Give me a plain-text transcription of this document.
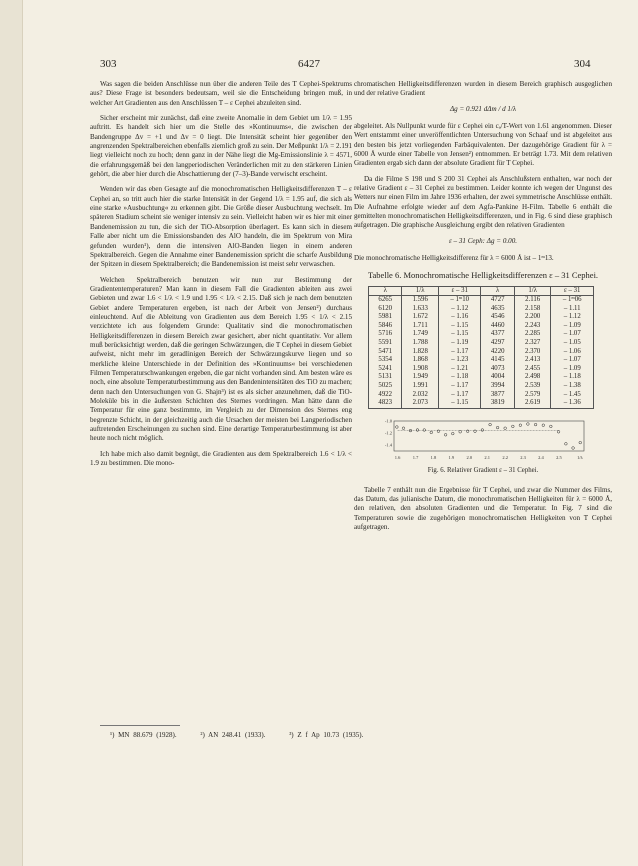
303	6427	304

Was sagen die beiden Anschlüsse nun über die anderen Teile des T Cephei-Spektrums aus? Diese Frage ist besonders bedeutsam, weil sie die Entscheidung bringen muß, in welcher Art Gradienten aus den Anschlüssen T – ε Cephei abzuleiten sind.

Sicher erscheint mir zunächst, daß eine zweite Anomalie in dem Gebiet um 1/λ = 1.95 auftritt. Es handelt sich hier um die Stelle des »Kontinuums«, die zwischen der Bandengruppe Δv = +1 und Δv = 0 liegt. Die Intensität scheint hier gegenüber den angrenzenden Spektralbereichen ebenfalls ziemlich groß zu sein. Der Meßpunkt 1/λ = 2.191 liegt vielleicht noch zu hoch; denn ganz in der Nähe liegt die Mg-Emissionslinie λ = 4571, die erfahrungsgemäß bei den langperiodischen Veränderlichen mit zu den stärkeren Linien gehört, die aber hier durch die Abschattierung der (7–3)-Bande verwischt erscheint.

Wenden wir das eben Gesagte auf die monochromatischen Helligkeitsdifferenzen T – ε Cephei an, so tritt auch hier die starke Intensität in der Gegend 1/λ = 1.95 auf, die sich als eine starke »Ausbuchtung« zu erkennen gibt. Die Größe dieser Ausbuchtung wechselt. Im späteren Stadium scheint sie weniger intensiv zu sein. Vielleicht haben wir es hier mit einer Bandenemission zu tun, die sich der TiO-Absorption überlagert. Es kann sich in diesem Falle aber nicht um die Emissionsbanden des AlO handeln, die im Spektrum von Mira gefunden wurden¹), denn die intensiven AlO-Banden liegen in einem anderen Spektralbereich. Gegen die Annahme einer Bandenemission spricht die scharfe Ausbildung der Spitzen in diesem Spektralbereich; die Bandenemission ist meist sehr verwaschen.

Welchen Spektralbereich benutzen wir nun zur Bestimmung der Gradiententemperaturen? Man kann in diesem Fall die Gradienten ableiten aus zwei Gebieten und zwar 1.6 < 1/λ < 1.9 und 1.95 < 1/λ < 2.15. Daß sich je nach dem benutzten Gebiet andere Temperaturen ergeben, ist nach der Arbeit von Jensen²) durchaus einleuchtend. Auf die Ableitung von Gradienten aus dem Bereich 1.95 < 1/λ < 2.15 verzichtete ich aus folgendem Grunde: Qualitativ sind die monochromatischen Helligkeitsdifferenzen in diesem Bereich zwar gesichert, aber nicht quantitativ. Vor allem muß berücksichtigt werden, daß die geringen Schwärzungen, die T Cephei in diesem Gebiet aufweist, nicht mehr im geradlinigen Bereich der Schwärzungskurve liegen und so merkliche kleine Unterschiede in der Definition des »Kontinuums« bei verschiedenen Filmen Temperaturschwankungen ergeben, die gar nicht vorhanden sind. Am besten wäre es noch, eine absolute Temperaturbestimmung aus den Bandenintensitäten des TiO zu machen; denn nach den Untersuchungen von G. Shajn³) ist es als sicher anzunehmen, daß die TiO-Moleküle bis in die äußersten Schichten des Sternes vordringen. Man hätte dann die Temperatur für eine ganz bestimmte, im Vergleich zu der Dimension des Sternes eng begrenzte Schicht, in der gleichzeitig auch die Ursachen der meisten bei Langperiodischen auftretenden Erscheinungen zu suchen sind. Eine derartige Temperaturbestimmung ist aber heute noch nicht möglich.

Ich habe mich also damit begnügt, die Gradienten aus dem Spektralbereich 1.6 < 1/λ < 1.9 zu bestimmen. Die mono-

chromatischen Helligkeitsdifferenzen wurden in diesem Bereich graphisch ausgeglichen und der relative Gradient

Δg = 0.921 dΔm / d 1/λ

abgeleitet. Als Nullpunkt wurde für ε Cephei ein cₐ/T-Wert von 1.61 angenommen. Dieser Wert entstammt einer unveröffentlichten Untersuchung von Schaaf und ist abgeleitet aus den besten bis jetzt vorliegenden Farbäquivalenten. Der dazugehörige Gradient für λ = 6000 Å wurde einer Tabelle von Jensen²) entnommen. Er beträgt 1.73. Mit dem relativen Gradienten ergab sich dann der absolute Gradient für T Cephei.

Da die Filme S 198 und S 200 31 Cephei als Anschlußstern enthalten, war noch der relative Gradient ε – 31 Cephei zu bestimmen. Leider konnte ich wegen der Ungunst des Wetters nur einen Film im Jahre 1936 erhalten, der zwei symmetrische Anschlüsse enthält. Die Aufnahme erfolgte wieder auf dem Agfa-Pankine H-Film. Tabelle 6 enthält die gemittelten monochromatischen Helligkeitsdifferenzen, und in Fig. 6 sind diese graphisch aufgetragen. Die graphische Ausgleichung ergibt den relativen Gradienten

ε – 31 Ceph: Δg = 0.00.

Die monochromatische Helligkeitsdifferenz für λ = 6000 Å ist – 1ᵐ13.

Tabelle 6. Monochromatische Helligkeitsdifferenzen ε – 31 Cephei.
λ	1/λ	ε – 31	λ	1/λ	ε – 31
6265	1.596	– 1ᵐ10	4727	2.116	– 1ᵐ06
6120	1.633	– 1.12	4635	2.158	– 1.11
5981	1.672	– 1.16	4546	2.200	– 1.12
5846	1.711	– 1.15	4460	2.243	– 1.09
5716	1.749	– 1.15	4377	2.285	– 1.07
5591	1.788	– 1.19	4297	2.327	– 1.05
5471	1.828	– 1.17	4220	2.370	– 1.06
5354	1.868	– 1.23	4145	2.413	– 1.07
5241	1.908	– 1.21	4073	2.455	– 1.09
5131	1.949	– 1.18	4004	2.498	– 1.18
5025	1.991	– 1.17	3994	2.539	– 1.38
4922	2.032	– 1.17	3877	2.579	– 1.45
4823	2.073	– 1.15	3819	2.619	– 1.36
1.6	1.7	1.8	1.9	2.0	2.1	2.2	2.3	2.4	2.5	1/λ
-1.0
-1.2
-1.4
Fig. 6. Relativer Gradient ε – 31 Cephei.

Tabelle 7 enthält nun die Ergebnisse für T Cephei, und zwar die Nummer des Films, das Datum, das julianische Datum, die monochromatischen Helligkeiten für λ = 6000 Å, den relativen, den absoluten Gradienten und die Temperatur. In Fig. 7 sind die Temperaturen sowie die zugehörigen monochromatischen Helligkeiten von T Cephei aufgetragen.

¹) MN 88.679 (1928).	²) AN 248.41 (1933).	³) Z f Ap 10.73 (1935).
